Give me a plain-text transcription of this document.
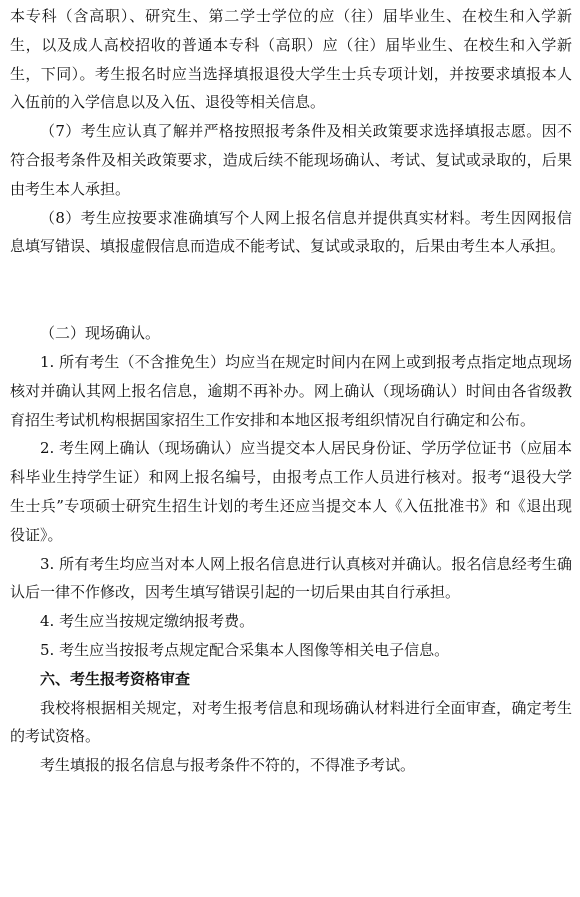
本专科（含高职）、研究生、第二学士学位的应（往）届毕业生、在校生和入学新生，以及成人高校招收的普通本专科（高职）应（往）届毕业生、在校生和入学新生，下同）。考生报名时应当选择填报退役大学生士兵专项计划，并按要求填报本人入伍前的入学信息以及入伍、退役等相关信息。

（7）考生应认真了解并严格按照报考条件及相关政策要求选择填报志愿。因不符合报考条件及相关政策要求，造成后续不能现场确认、考试、复试或录取的，后果由考生本人承担。

（8）考生应按要求准确填写个人网上报名信息并提供真实材料。考生因网报信息填写错误、填报虚假信息而造成不能考试、复试或录取的，后果由考生本人承担。

（二）现场确认。

1. 所有考生（不含推免生）均应当在规定时间内在网上或到报考点指定地点现场核对并确认其网上报名信息，逾期不再补办。网上确认（现场确认）时间由各省级教育招生考试机构根据国家招生工作安排和本地区报考组织情况自行确定和公布。

2. 考生网上确认（现场确认）应当提交本人居民身份证、学历学位证书（应届本科毕业生持学生证）和网上报名编号，由报考点工作人员进行核对。报考“退役大学生士兵”专项硕士研究生招生计划的考生还应当提交本人《入伍批准书》和《退出现役证》。

3. 所有考生均应当对本人网上报名信息进行认真核对并确认。报名信息经考生确认后一律不作修改，因考生填写错误引起的一切后果由其自行承担。

4. 考生应当按规定缴纳报考费。

5. 考生应当按报考点规定配合采集本人图像等相关电子信息。

六、考生报考资格审查

我校将根据相关规定，对考生报考信息和现场确认材料进行全面审查，确定考生的考试资格。

考生填报的报名信息与报考条件不符的，不得准予考试。
